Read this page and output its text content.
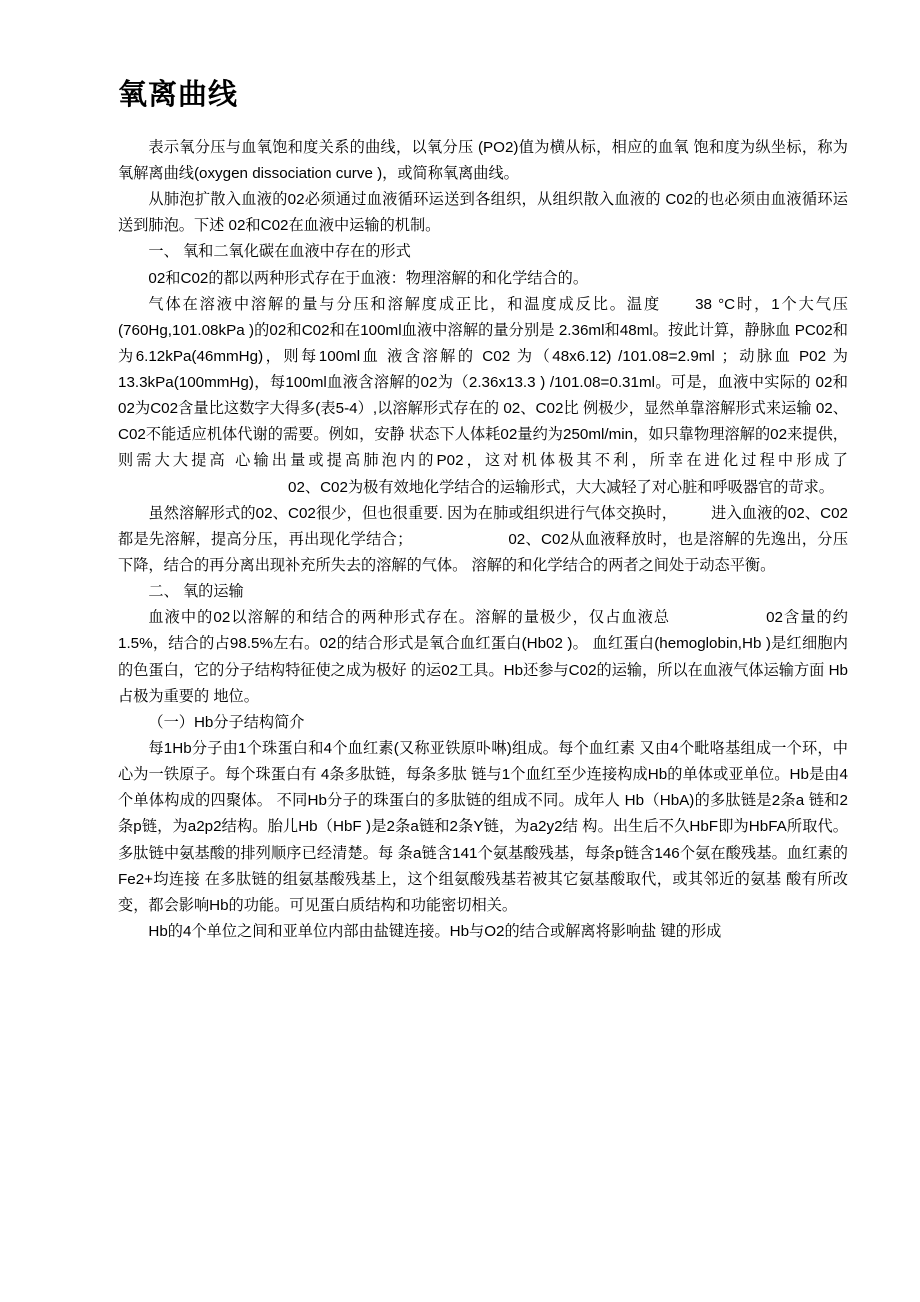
氧离曲线

表示氧分压与血氧饱和度关系的曲线，以氧分压 (PO2)值为横从标，相应的血氧 饱和度为纵坐标，称为氧解离曲线(oxygen dissociation curve )，或简称氧离曲线。

从肺泡扩散入血液的02必须通过血液循环运送到各组织，从组织散入血液的 C02的也必须由血液循环运送到肺泡。下述 02和C02在血液中运输的机制。

一、 氧和二氧化碳在血液中存在的形式

02和C02的都以两种形式存在于血液：物理溶解的和化学结合的。

气体在溶液中溶解的量与分压和溶解度成正比，和温度成反比。温度 38 °C时，1个大气压(760Hg,101.08kPa )的02和C02和在100ml血液中溶解的量分别是 2.36ml和48ml。按此计算，静脉血 PC02和为6.12kPa(46mmHg)，则每100ml血 液含溶解的 C02 为（48x6.12) /101.08=2.9ml ；动脉血 P02 为 13.3kPa(100mmHg)，每100ml血液含溶解的02为（2.36x13.3 ) /101.08=0.31ml。可是，血液中实际的 02和02为C02含量比这数字大得多(表5-4）,以溶解形式存在的 02、C02比 例极少，显然单靠溶解形式来运输 02、C02不能适应机体代谢的需要。例如，安静 状态下人体耗02量约为250ml/min，如只靠物理溶解的02来提供，则需大大提高 心输出量或提高肺泡内的P02，这对机体极其不利，所幸在进化过程中形成了02、C02为极有效地化学结合的运输形式，大大减轻了对心脏和呼吸器官的苛求。

虽然溶解形式的02、C02很少，但也很重要. 因为在肺或组织进行气体交换时， 进入血液的02、C02都是先溶解，提高分压，再出现化学结合；	02、C02从血液释放时，也是溶解的先逸出，分压下降，结合的再分离出现补充所失去的溶解的气体。 溶解的和化学结合的两者之间处于动态平衡。

二、 氧的运输

血液中的02以溶解的和结合的两种形式存在。溶解的量极少，仅占血液总	02含量的约1.5%，结合的占98.5%左右。02的结合形式是氧合血红蛋白(Hb02 )。 血红蛋白(hemoglobin,Hb )是红细胞内的色蛋白，它的分子结构特征使之成为极好 的运02工具。Hb还参与C02的运输，所以在血液气体运输方面 Hb占极为重要的 地位。

（一）Hb分子结构简介

每1Hb分子由1个珠蛋白和4个血红素(又称亚铁原卟啉)组成。每个血红素 又由4个毗咯基组成一个环，中心为一铁原子。每个珠蛋白有 4条多肽链，每条多肽 链与1个血红至少连接构成Hb的单体或亚单位。Hb是由4个单体构成的四聚体。 不同Hb分子的珠蛋白的多肽链的组成不同。成年人 Hb（HbA)的多肽链是2条a 链和2条p链，为a2p2结构。胎儿Hb（HbF )是2条a链和2条Y链，为a2y2结 构。出生后不久HbF即为HbFA所取代。多肽链中氨基酸的排列顺序已经清楚。每 条a链含141个氨基酸残基，每条p链含146个氨在酸残基。血红素的Fe2+均连接 在多肽链的组氨基酸残基上，这个组氨酸残基若被其它氨基酸取代，或其邻近的氨基 酸有所改变，都会影响Hb的功能。可见蛋白质结构和功能密切相关。

Hb的4个单位之间和亚单位内部由盐键连接。Hb与O2的结合或解离将影响盐 键的形成
